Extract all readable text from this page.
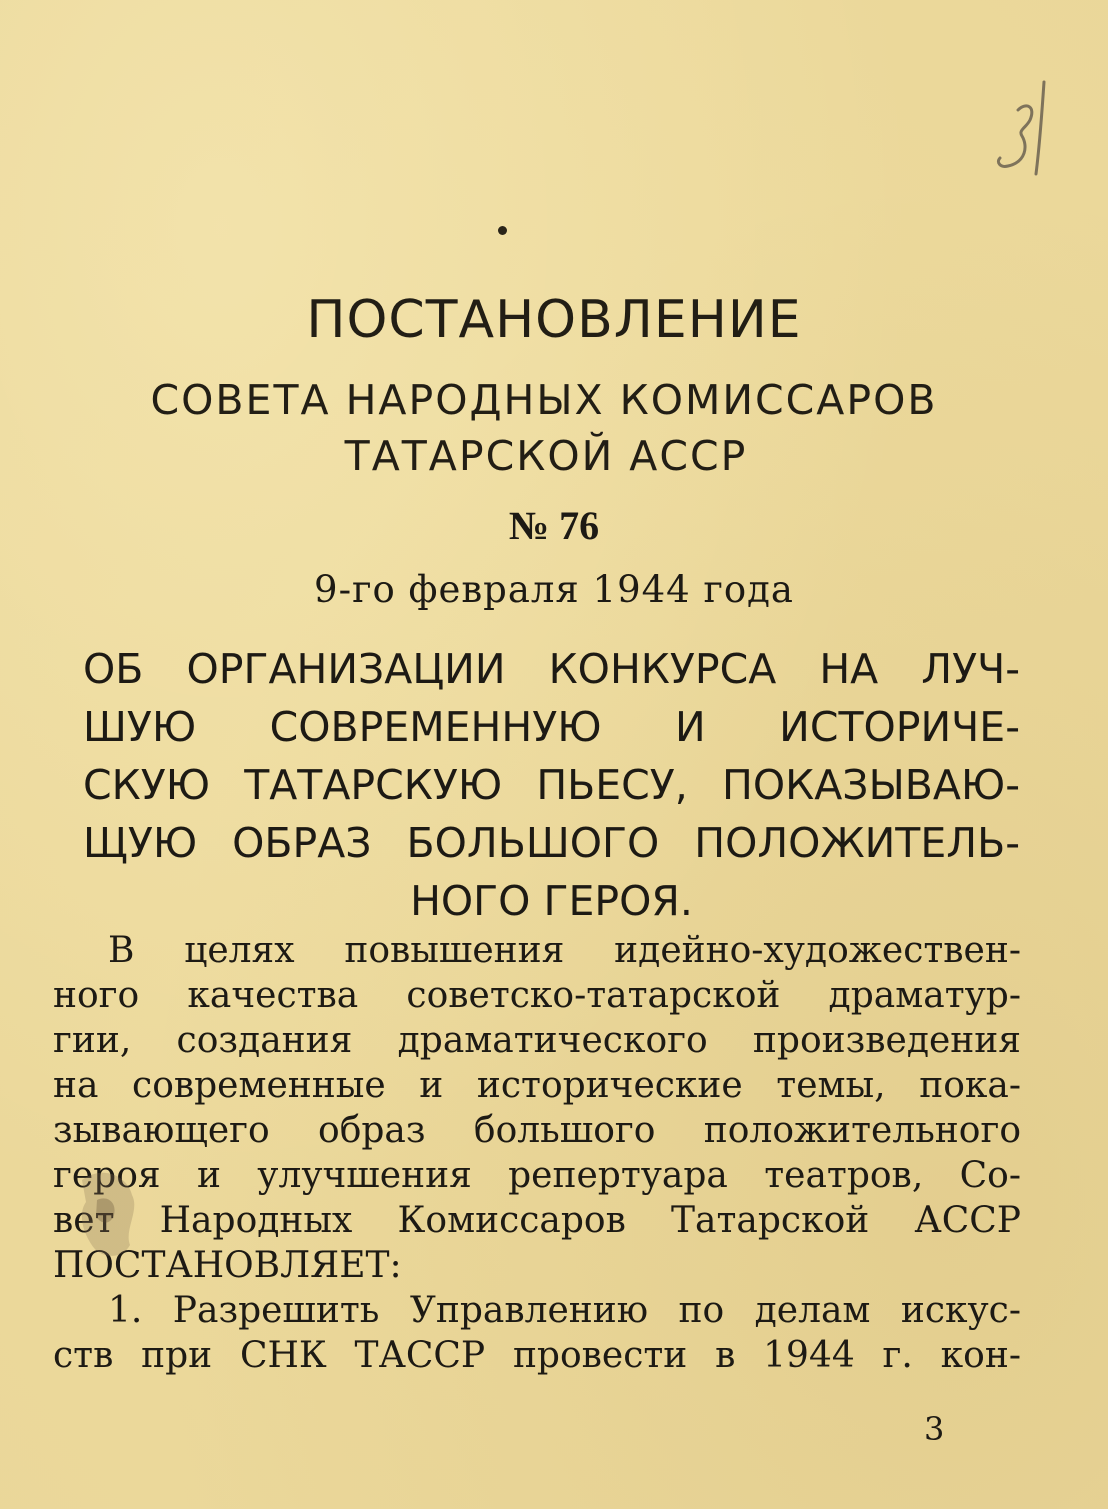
ПОСТАНОВЛЕНИЕ
СОВЕТА НАРОДНЫХ КОМИССАРОВ
ТАТАРСКОЙ АССР
№ 76
9-го февраля 1944 года
ОБ ОРГАНИЗАЦИИ КОНКУРСА НА ЛУЧ-
ШУЮ СОВРЕМЕННУЮ И ИСТОРИЧЕ-
СКУЮ ТАТАРСКУЮ ПЬЕСУ, ПОКАЗЫВАЮ-
ЩУЮ ОБРАЗ БОЛЬШОГО ПОЛОЖИТЕЛЬ-
НОГО ГЕРОЯ.
В целях повышения идейно-художествен-
ного качества советско-татарской драматур-
гии, создания драматического произведения
на современные и исторические темы, пока-
зывающего образ большого положительного
героя и улучшения репертуара театров, Со-
вет Народных Комиссаров Татарской АССР
ПОСТАНОВЛЯЕТ:
1. Разрешить Управлению по делам искус-
ств при СНК ТАССР провести в 1944 г. кон-
3
